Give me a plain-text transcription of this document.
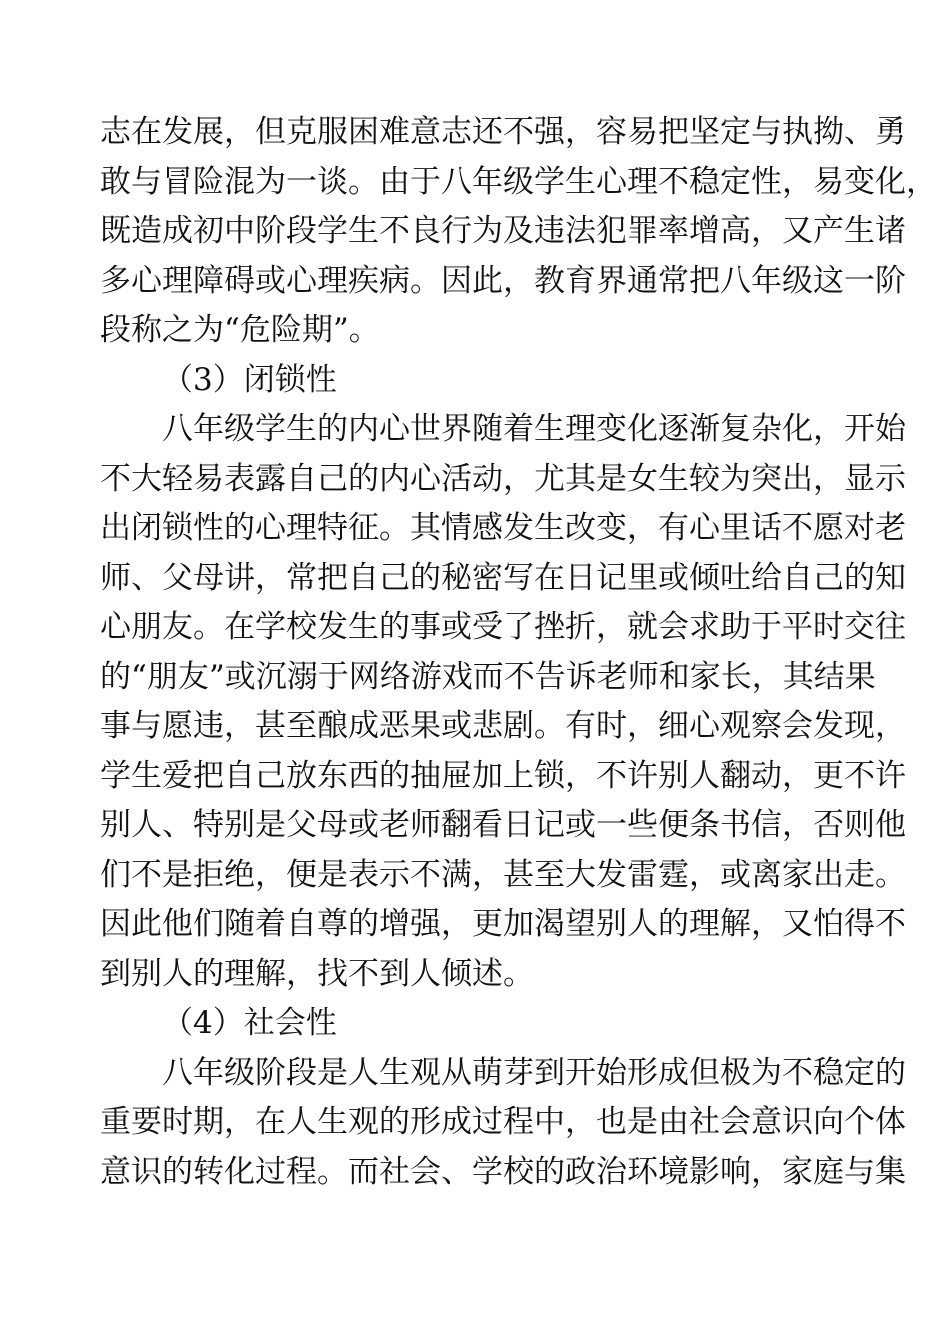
志在发展，但克服困难意志还不强，容易把坚定与执拗、勇
敢与冒险混为一谈。由于八年级学生心理不稳定性，易变化，
既造成初中阶段学生不良行为及违法犯罪率增高，又产生诸
多心理障碍或心理疾病。因此，教育界通常把八年级这一阶
段称之为“危险期”。
（3）闭锁性
八年级学生的内心世界随着生理变化逐渐复杂化，开始
不大轻易表露自己的内心活动，尤其是女生较为突出，显示
出闭锁性的心理特征。其情感发生改变，有心里话不愿对老
师、父母讲，常把自己的秘密写在日记里或倾吐给自己的知
心朋友。在学校发生的事或受了挫折，就会求助于平时交往
的“朋友”或沉溺于网络游戏而不告诉老师和家长，其结果
事与愿违，甚至酿成恶果或悲剧。有时，细心观察会发现，
学生爱把自己放东西的抽屉加上锁，不许别人翻动，更不许
别人、特别是父母或老师翻看日记或一些便条书信，否则他
们不是拒绝，便是表示不满，甚至大发雷霆，或离家出走。
因此他们随着自尊的增强，更加渴望别人的理解，又怕得不
到别人的理解，找不到人倾述。
（4）社会性
八年级阶段是人生观从萌芽到开始形成但极为不稳定的
重要时期，在人生观的形成过程中，也是由社会意识向个体
意识的转化过程。而社会、学校的政治环境影响，家庭与集
